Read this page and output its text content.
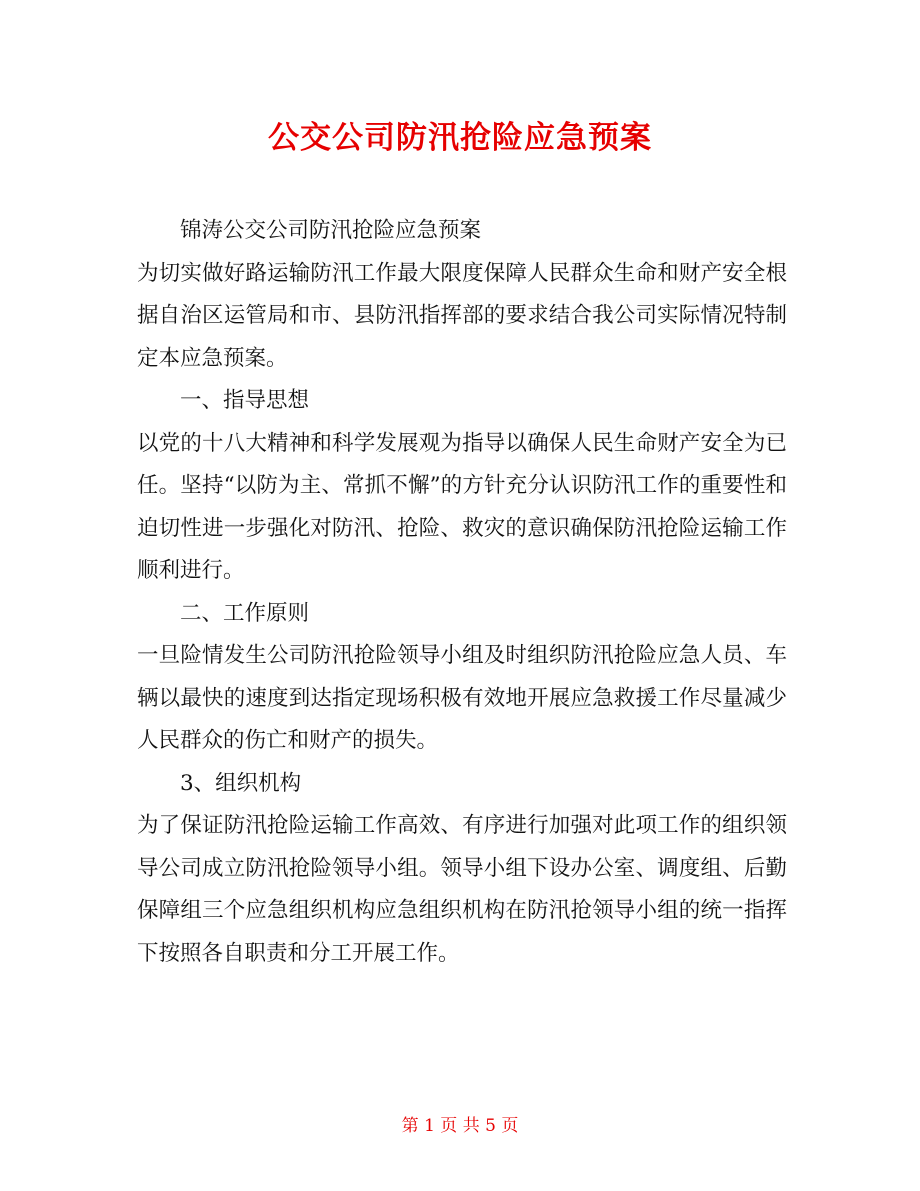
公交公司防汛抢险应急预案

锦涛公交公司防汛抢险应急预案

为切实做好路运输防汛工作最大限度保障人民群众生命和财产安全根据自治区运管局和市、县防汛指挥部的要求结合我公司实际情况特制定本应急预案。

一、指导思想

以党的十八大精神和科学发展观为指导以确保人民生命财产安全为已任。坚持“以防为主、常抓不懈”的方针充分认识防汛工作的重要性和迫切性进一步强化对防汛、抢险、救灾的意识确保防汛抢险运输工作顺利进行。

二、工作原则

一旦险情发生公司防汛抢险领导小组及时组织防汛抢险应急人员、车辆以最快的速度到达指定现场积极有效地开展应急救援工作尽量减少人民群众的伤亡和财产的损失。

3、组织机构

为了保证防汛抢险运输工作高效、有序进行加强对此项工作的组织领导公司成立防汛抢险领导小组。领导小组下设办公室、调度组、后勤保障组三个应急组织机构应急组织机构在防汛抢领导小组的统一指挥下按照各自职责和分工开展工作。

第 1 页 共 5 页
